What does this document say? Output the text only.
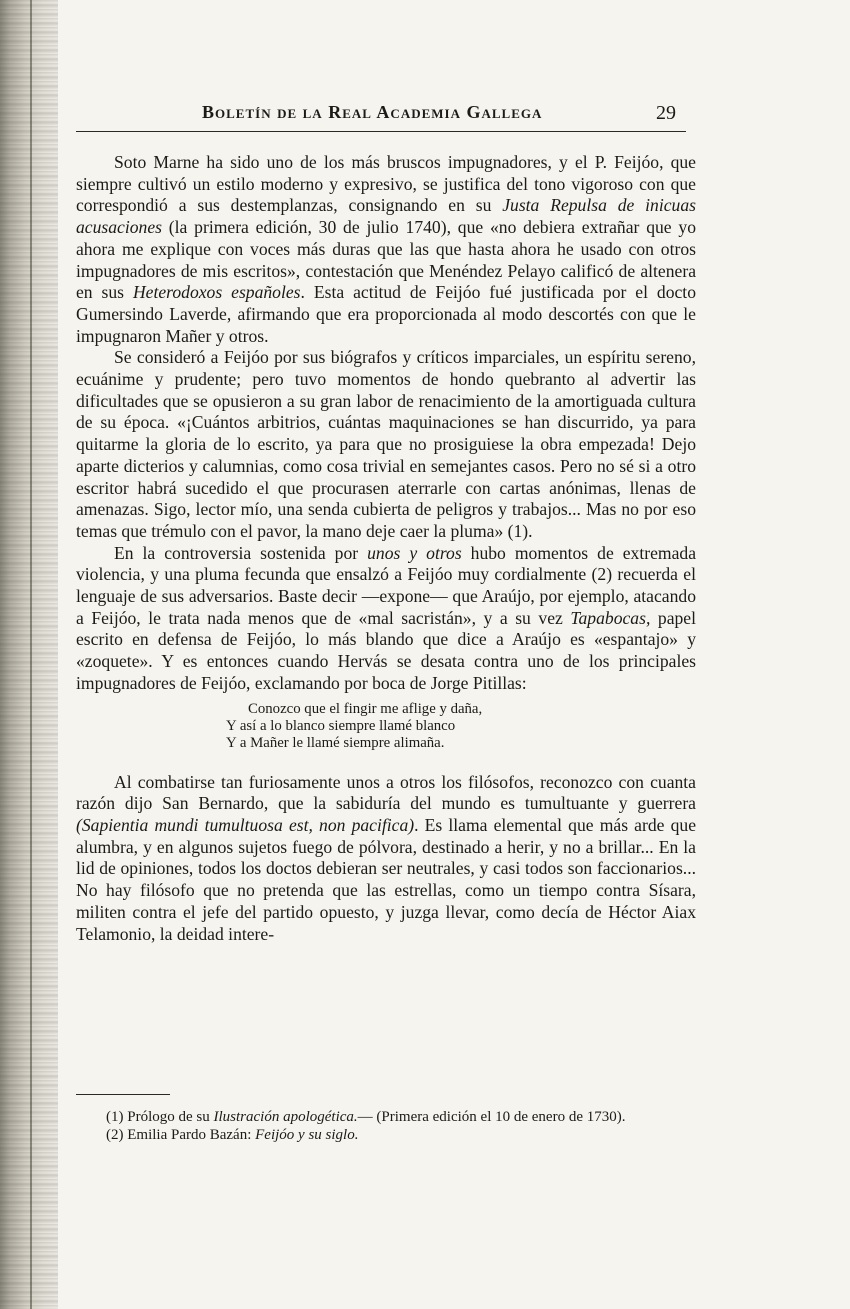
Boletín de la Real Academia Gallega	29

Soto Marne ha sido uno de los más bruscos impugnadores, y el P. Feijóo, que siempre cultivó un estilo moderno y expresivo, se justifica del tono vigoroso con que correspondió a sus destemplanzas, consignando en su Justa Repulsa de inicuas acusaciones (la primera edición, 30 de julio 1740), que «no debiera extrañar que yo ahora me explique con voces más duras que las que hasta ahora he usado con otros impugnadores de mis escritos», contestación que Menéndez Pelayo calificó de altenera en sus Heterodoxos españoles. Esta actitud de Feijóo fué justificada por el docto Gumersindo Laverde, afirmando que era proporcionada al modo descortés con que le impugnaron Mañer y otros.

Se consideró a Feijóo por sus biógrafos y críticos imparciales, un espíritu sereno, ecuánime y prudente; pero tuvo momentos de hondo quebranto al advertir las dificultades que se opusieron a su gran labor de renacimiento de la amortiguada cultura de su época. «¡Cuántos arbitrios, cuántas maquinaciones se han discurrido, ya para quitarme la gloria de lo escrito, ya para que no prosiguiese la obra empezada! Dejo aparte dicterios y calumnias, como cosa trivial en semejantes casos. Pero no sé si a otro escritor habrá sucedido el que procurasen aterrarle con cartas anónimas, llenas de amenazas. Sigo, lector mío, una senda cubierta de peligros y trabajos... Mas no por eso temas que trémulo con el pavor, la mano deje caer la pluma» (1).

En la controversia sostenida por unos y otros hubo momentos de extremada violencia, y una pluma fecunda que ensalzó a Feijóo muy cordialmente (2) recuerda el lenguaje de sus adversarios. Baste decir —expone— que Araújo, por ejemplo, atacando a Feijóo, le trata nada menos que de «mal sacristán», y a su vez Tapabocas, papel escrito en defensa de Feijóo, lo más blando que dice a Araújo es «espantajo» y «zoquete». Y es entonces cuando Hervás se desata contra uno de los principales impugnadores de Feijóo, exclamando por boca de Jorge Pitillas:

Conozco que el fingir me aflige y daña,
Y así a lo blanco siempre llamé blanco
Y a Mañer le llamé siempre alimaña.

Al combatirse tan furiosamente unos a otros los filósofos, reconozco con cuanta razón dijo San Bernardo, que la sabiduría del mundo es tumultuante y guerrera (Sapientia mundi tumultuosa est, non pacifica). Es llama elemental que más arde que alumbra, y en algunos sujetos fuego de pólvora, destinado a herir, y no a brillar... En la lid de opiniones, todos los doctos debieran ser neutrales, y casi todos son faccionarios... No hay filósofo que no pretenda que las estrellas, como un tiempo contra Sísara, militen contra el jefe del partido opuesto, y juzga llevar, como decía de Héctor Aiax Telamonio, la deidad intere-

(1) Prólogo de su Ilustración apologética.— (Primera edición el 10 de enero de 1730).

(2) Emilia Pardo Bazán: Feijóo y su siglo.
